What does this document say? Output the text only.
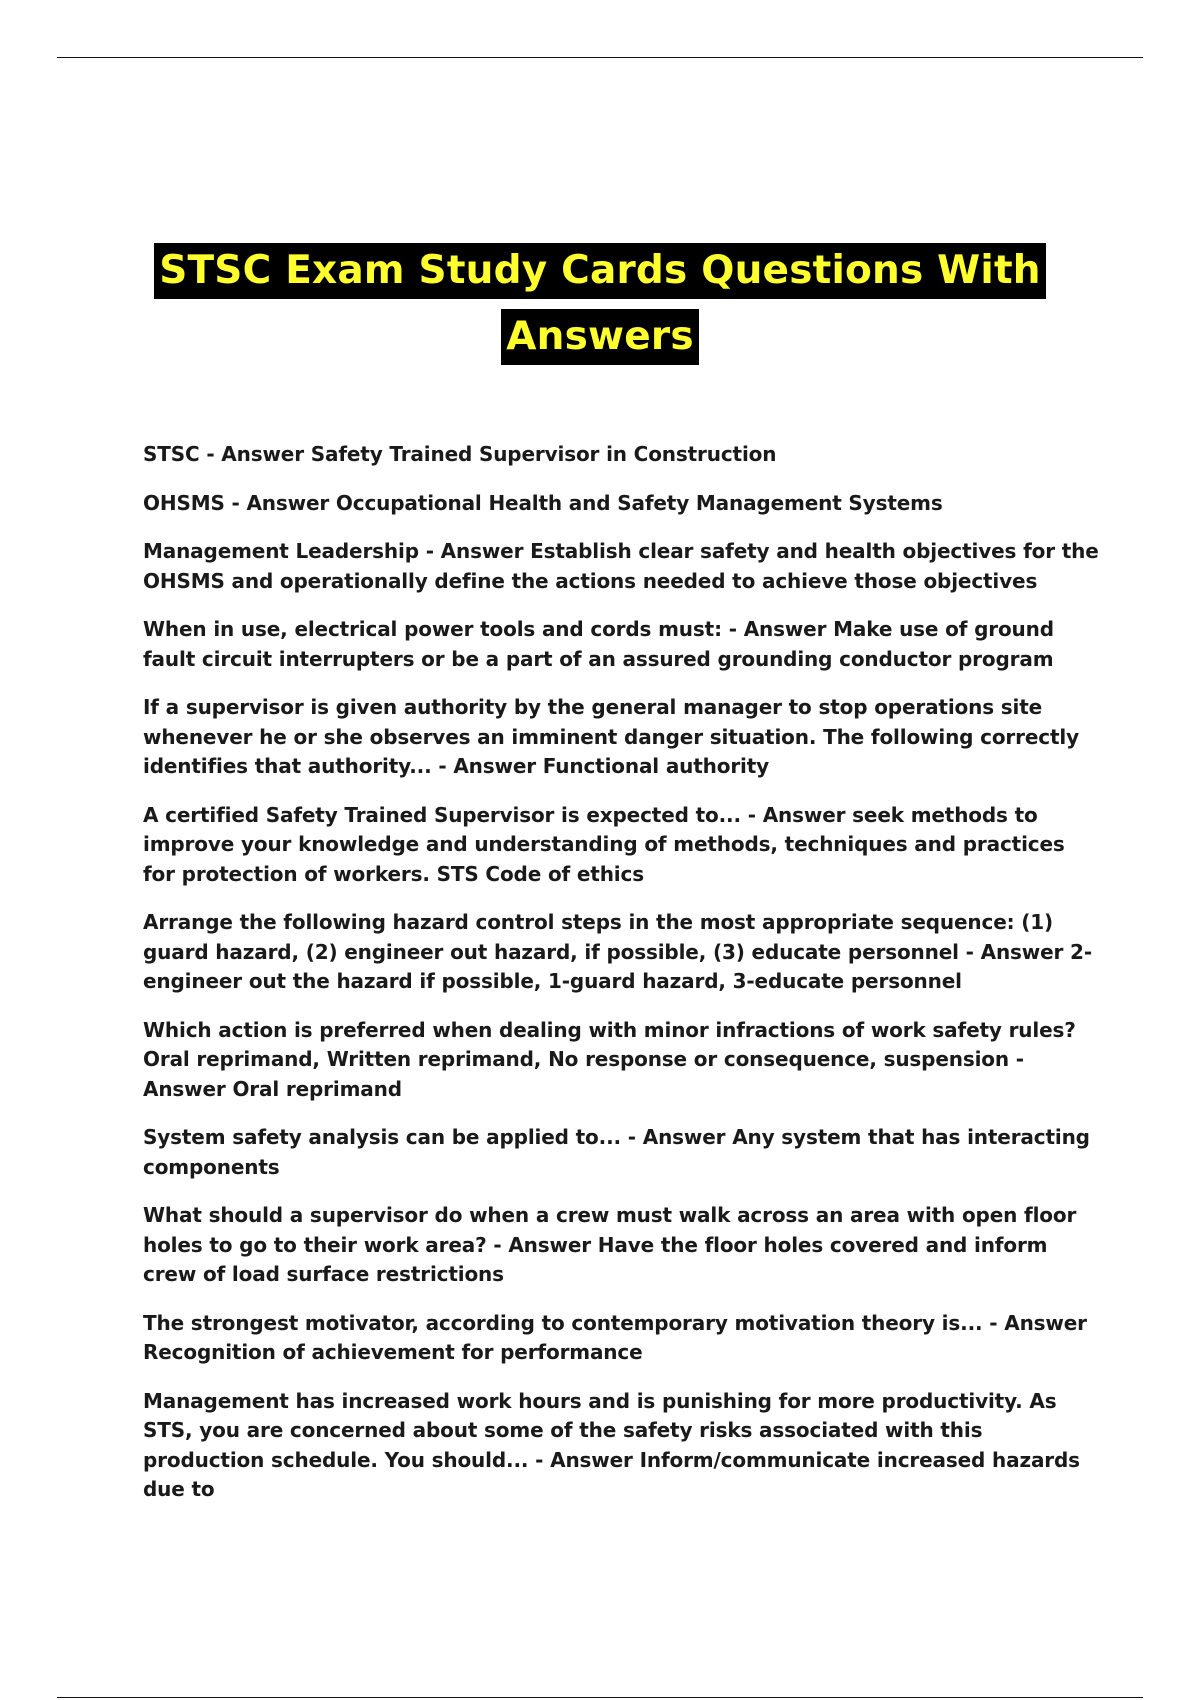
STSC Exam Study Cards Questions With
Answers
STSC - Answer Safety Trained Supervisor in Construction
OHSMS - Answer Occupational Health and Safety Management Systems
Management Leadership - Answer Establish clear safety and health objectives for the OHSMS and operationally define the actions needed to achieve those objectives
When in use, electrical power tools and cords must: - Answer Make use of ground fault circuit interrupters or be a part of an assured grounding conductor program
If a supervisor is given authority by the general manager to stop operations site whenever he or she observes an imminent danger situation. The following correctly identifies that authority... - Answer Functional authority
A certified Safety Trained Supervisor is expected to... - Answer seek methods to improve your knowledge and understanding of methods, techniques and practices for protection of workers. STS Code of ethics
Arrange the following hazard control steps in the most appropriate sequence: (1) guard hazard, (2) engineer out hazard, if possible, (3) educate personnel - Answer 2-engineer out the hazard if possible, 1-guard hazard, 3-educate personnel
Which action is preferred when dealing with minor infractions of work safety rules? Oral reprimand, Written reprimand, No response or consequence, suspension - Answer Oral reprimand
System safety analysis can be applied to... - Answer Any system that has interacting components
What should a supervisor do when a crew must walk across an area with open floor holes to go to their work area? - Answer Have the floor holes covered and inform crew of load surface restrictions
The strongest motivator, according to contemporary motivation theory is... - Answer Recognition of achievement for performance
Management has increased work hours and is punishing for more productivity. As STS, you are concerned about some of the safety risks associated with this production schedule. You should... - Answer Inform/communicate increased hazards due to
